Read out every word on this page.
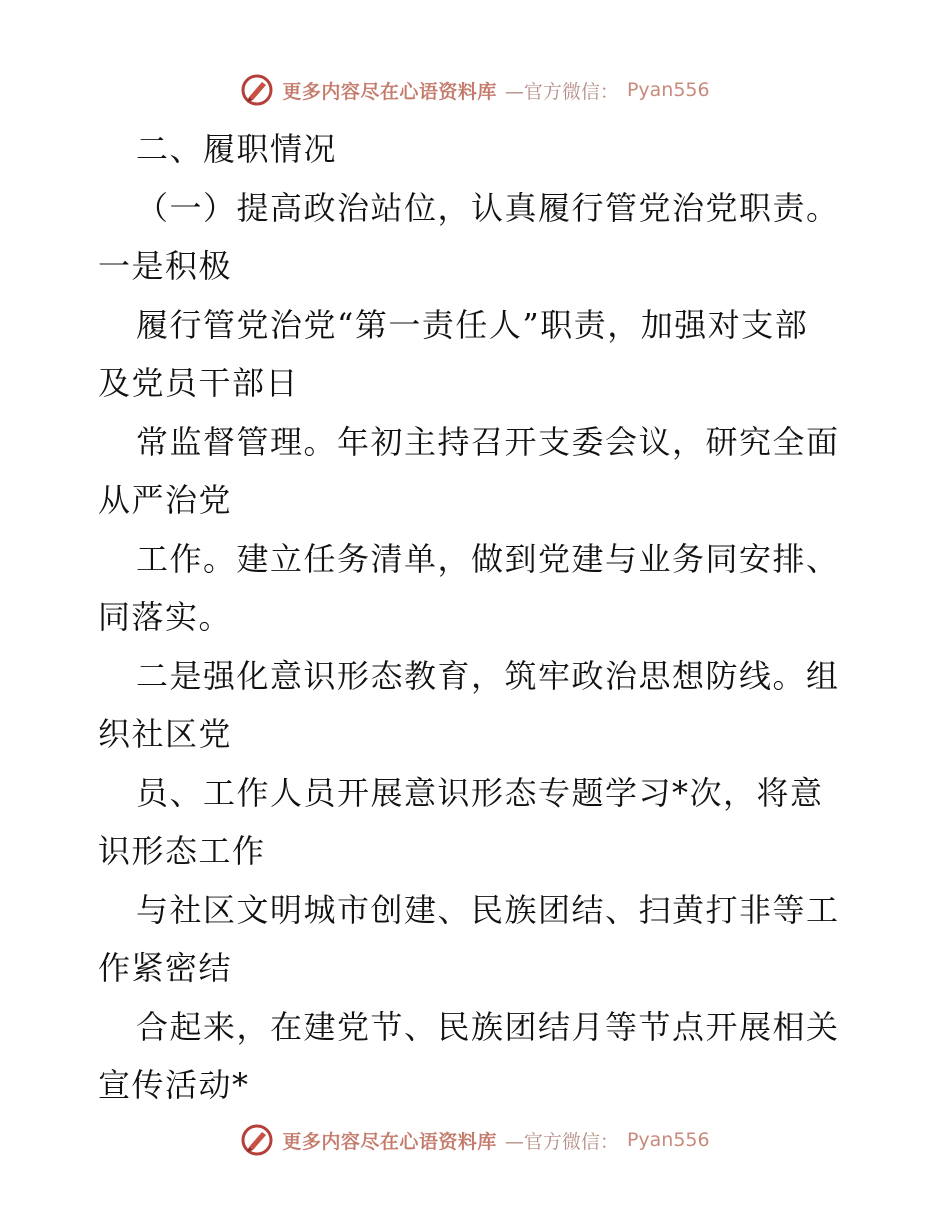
更多内容尽在心语资料库 —官方微信： Pyan556
二、履职情况
（一）提高政治站位，认真履行管党治党职责。
一是积极
履行管党治党“第一责任人”职责，加强对支部
及党员干部日
常监督管理。年初主持召开支委会议，研究全面
从严治党
工作。建立任务清单，做到党建与业务同安排、
同落实。
二是强化意识形态教育，筑牢政治思想防线。组
织社区党
员、工作人员开展意识形态专题学习*次，将意
识形态工作
与社区文明城市创建、民族团结、扫黄打非等工
作紧密结
合起来，在建党节、民族团结月等节点开展相关
宣传活动*
更多内容尽在心语资料库 —官方微信： Pyan556
